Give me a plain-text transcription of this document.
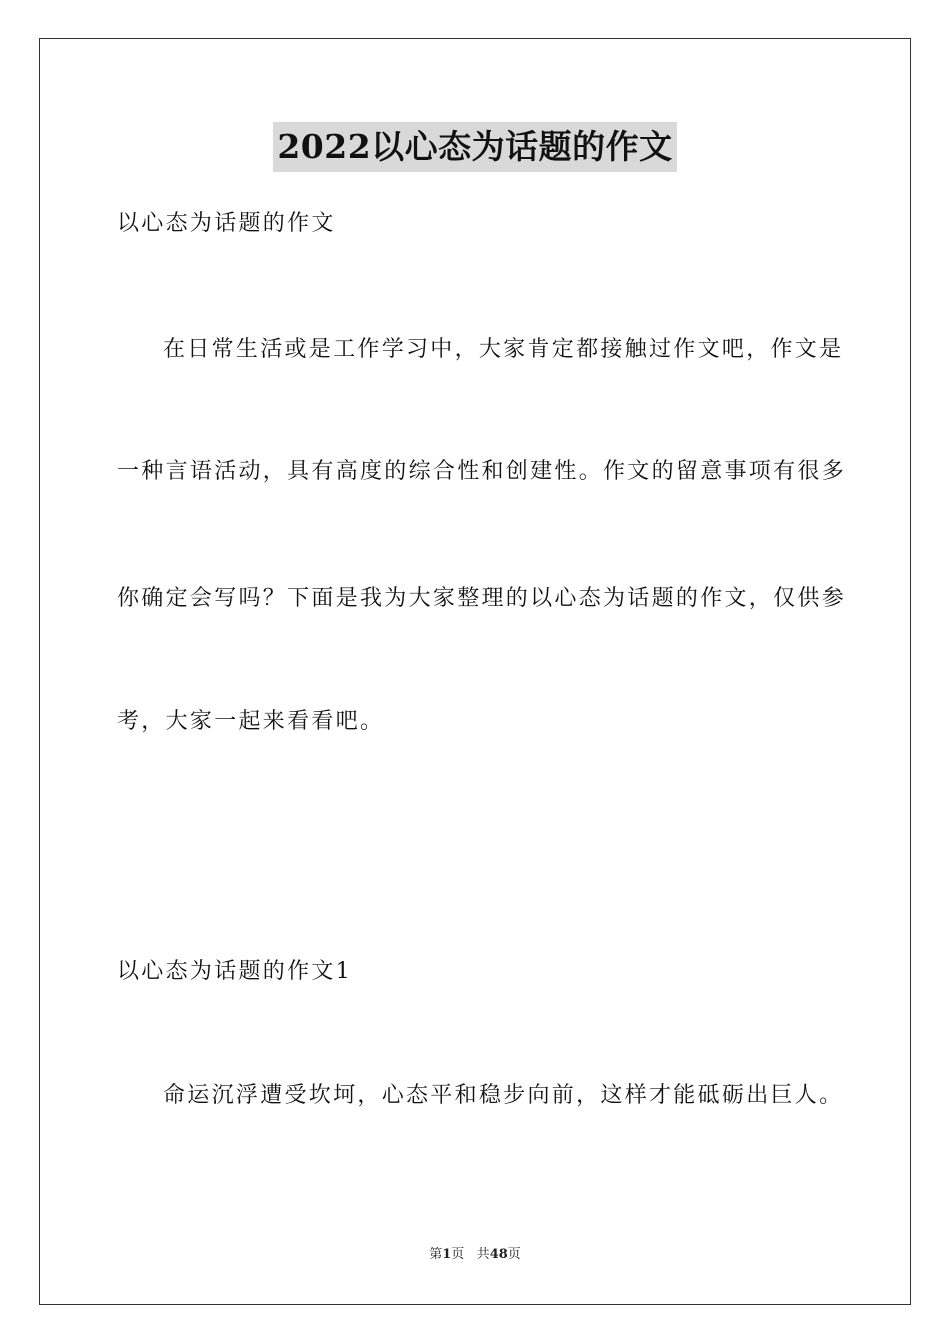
2022以心态为话题的作文
以心态为话题的作文
在日常生活或是工作学习中，大家肯定都接触过作文吧，作文是
一种言语活动，具有高度的综合性和创建性。作文的留意事项有很多
你确定会写吗？下面是我为大家整理的以心态为话题的作文，仅供参
考，大家一起来看看吧。
以心态为话题的作文1
命运沉浮遭受坎坷，心态平和稳步向前，这样才能砥砺出巨人。
第1页 共48页
